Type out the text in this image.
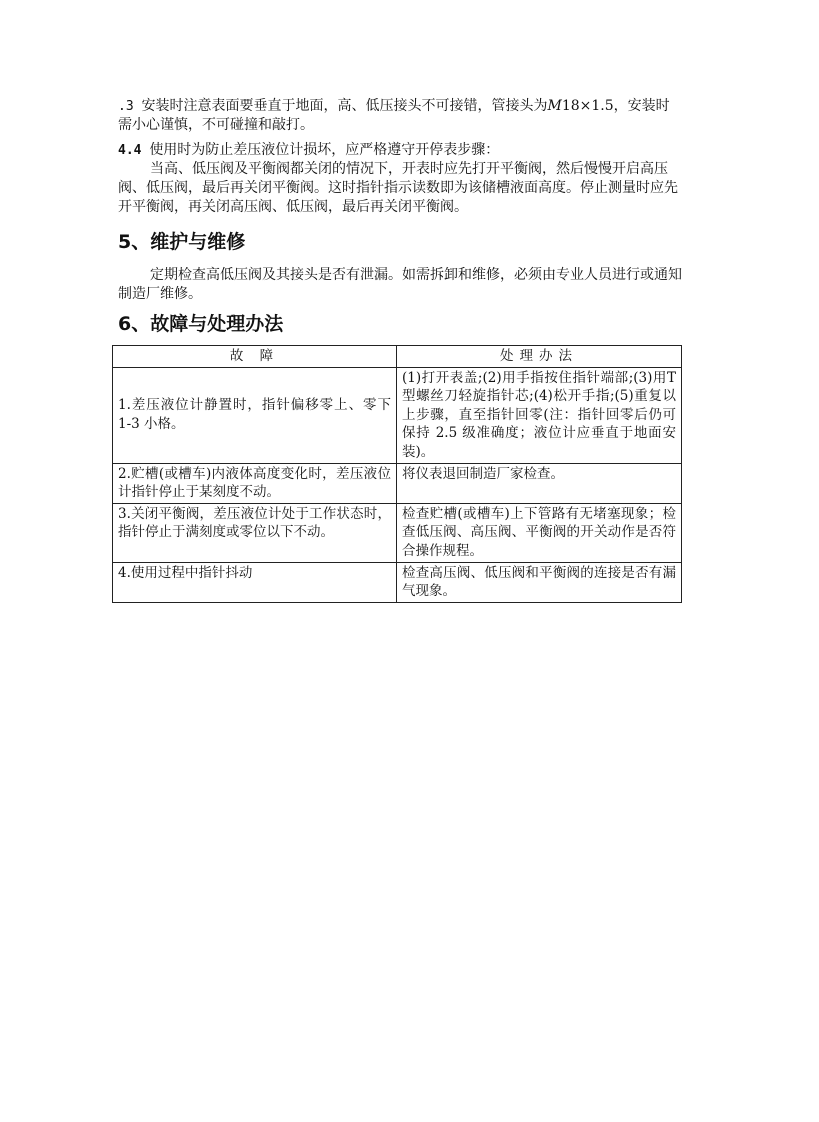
.3 安装时注意表面要垂直于地面，高、低压接头不可接错，管接头为M18×1.5，安装时需小心谨慎，不可碰撞和敲打。

4.4 使用时为防止差压液位计损坏，应严格遵守开停表步骤：

当高、低压阀及平衡阀都关闭的情况下，开表时应先打开平衡阀，然后慢慢开启高压阀、低压阀，最后再关闭平衡阀。这时指针指示读数即为该储槽液面高度。停止测量时应先开平衡阀，再关闭高压阀、低压阀，最后再关闭平衡阀。

5、维护与维修

定期检查高低压阀及其接头是否有泄漏。如需拆卸和维修，必须由专业人员进行或通知制造厂维修。

6、故障与处理办法
故 障	处理办法
1.差压液位计静置时，指针偏移零上、零下 1-3 小格。	(1)打开表盖;(2)用手指按住指针端部;(3)用T型螺丝刀轻旋指针芯;(4)松开手指;(5)重复以上步骤，直至指针回零(注：指针回零后仍可保持 2.5 级准确度；液位计应垂直于地面安装)。
2.贮槽(或槽车)内液体高度变化时，差压液位计指针停止于某刻度不动。	将仪表退回制造厂家检查。
3.关闭平衡阀，差压液位计处于工作状态时，指针停止于满刻度或零位以下不动。	检查贮槽(或槽车)上下管路有无堵塞现象；检查低压阀、高压阀、平衡阀的开关动作是否符合操作规程。
4.使用过程中指针抖动	检查高压阀、低压阀和平衡阀的连接是否有漏气现象。
